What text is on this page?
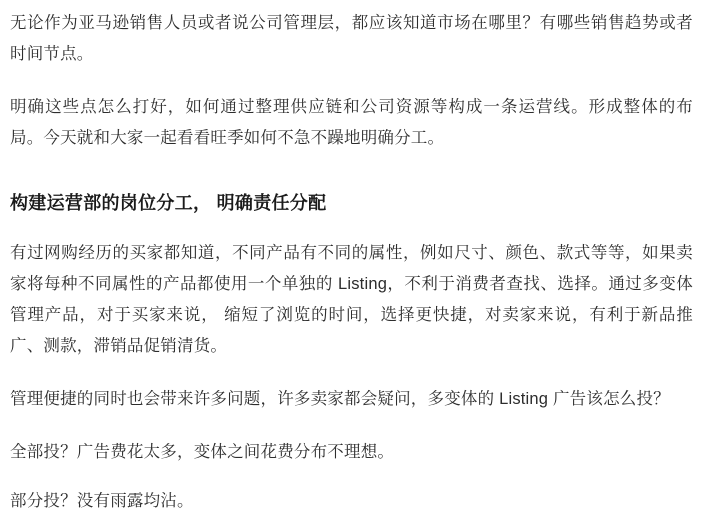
无论作为亚马逊销售人员或者说公司管理层，都应该知道市场在哪里？有哪些销售趋势或者时间节点。

明确这些点怎么打好，如何通过整理供应链和公司资源等构成一条运营线。形成整体的布局。今天就和大家一起看看旺季如何不急不躁地明确分工。

构建运营部的岗位分工， 明确责任分配

有过网购经历的买家都知道，不同产品有不同的属性，例如尺寸、颜色、款式等等，如果卖家将每种不同属性的产品都使用一个单独的 Listing，不利于消费者查找、选择。通过多变体管理产品，对于买家来说， 缩短了浏览的时间，选择更快捷，对卖家来说，有利于新品推广、测款，滞销品促销清货。

管理便捷的同时也会带来许多问题，许多卖家都会疑问，多变体的 Listing 广告该怎么投？

全部投？广告费花太多，变体之间花费分布不理想。

部分投？没有雨露均沾。
